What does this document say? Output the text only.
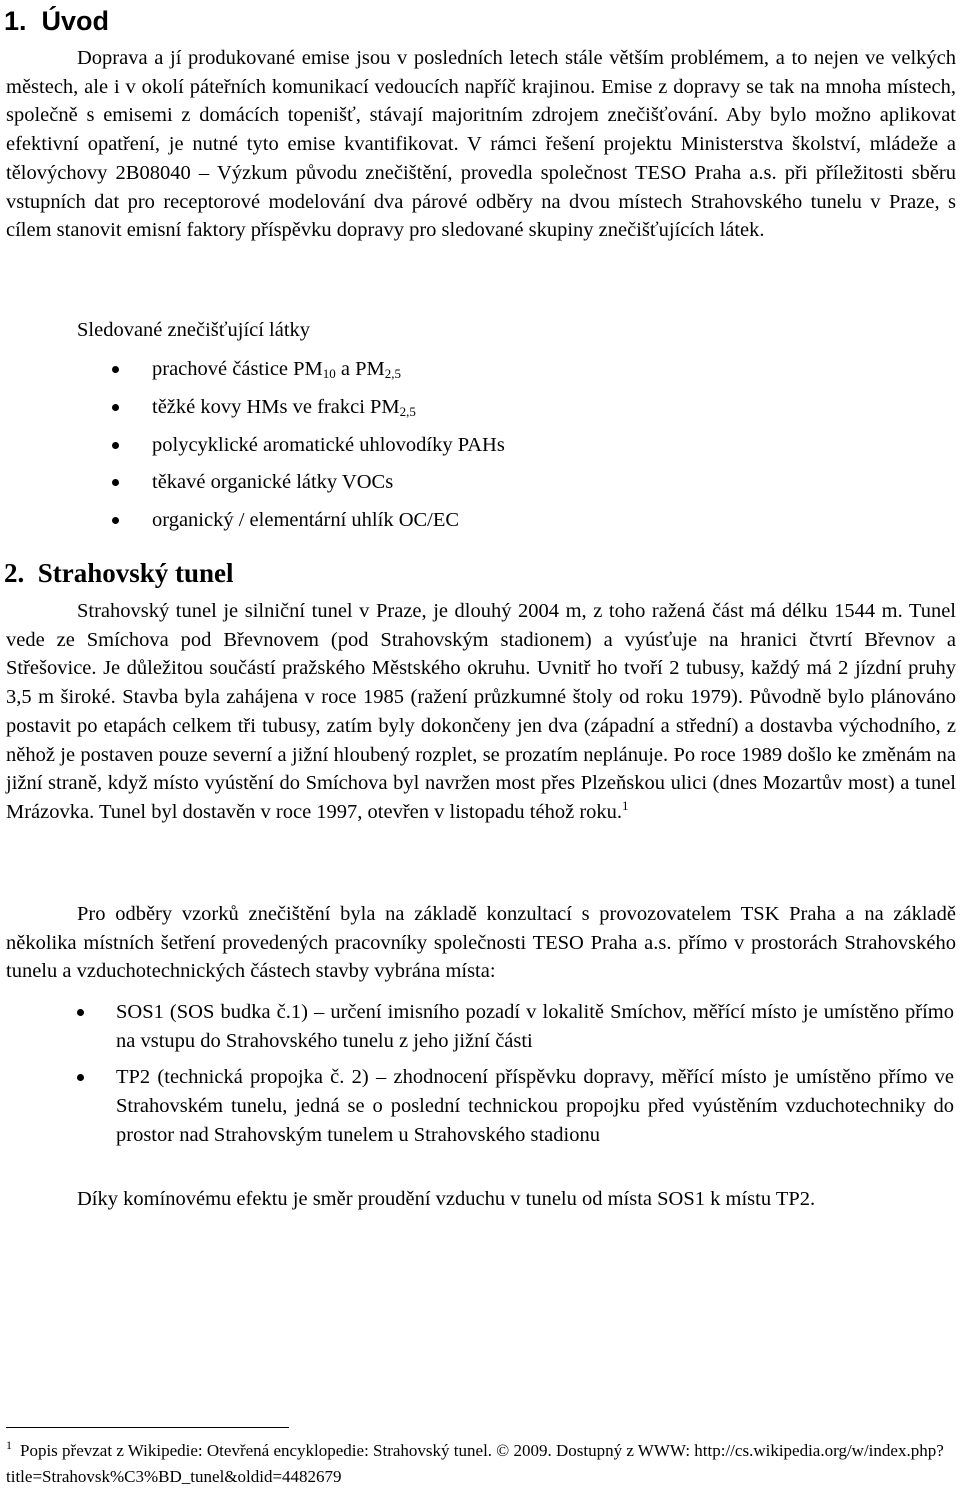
1. Úvod

Doprava a jí produkované emise jsou v posledních letech stále větším problémem, a to nejen ve velkých městech, ale i v okolí páteřních komunikací vedoucích napříč krajinou. Emise z dopravy se tak na mnoha místech, společně s emisemi z domácích topenišť, stávají majoritním zdrojem znečišťování. Aby bylo možno aplikovat efektivní opatření, je nutné tyto emise kvantifikovat. V rámci řešení projektu Ministerstva školství, mládeže a tělovýchovy 2B08040 – Výzkum původu znečištění, provedla společnost TESO Praha a.s. při příležitosti sběru vstupních dat pro receptorové modelování dva párové odběry na dvou místech Strahovského tunelu v Praze, s cílem stanovit emisní faktory příspěvku dopravy pro sledované skupiny znečišťujících látek.

Sledované znečišťující látky

prachové částice $PM_{10}$ a $PM_{2,5}$
těžké kovy HMs ve frakci $PM_{2,5}$
polycyklické aromatické uhlovodíky PAHs
těkavé organické látky VOCs
organický / elementární uhlík OC/EC
2. Strahovský tunel

Strahovský tunel je silniční tunel v Praze, je dlouhý 2004 m, z toho ražená část má délku 1544 m. Tunel vede ze Smíchova pod Břevnovem (pod Strahovským stadionem) a vyúsťuje na hranici čtvrtí Břevnov a Střešovice. Je důležitou součástí pražského Městského okruhu. Uvnitř ho tvoří 2 tubusy, každý má 2 jízdní pruhy 3,5 m široké. Stavba byla zahájena v roce 1985 (ražení průzkumné štoly od roku 1979). Původně bylo plánováno postavit po etapách celkem tři tubusy, zatím byly dokončeny jen dva (západní a střední) a dostavba východního, z něhož je postaven pouze severní a jižní hloubený rozplet, se prozatím neplánuje. Po roce 1989 došlo ke změnám na jižní straně, když místo vyústění do Smíchova byl navržen most přes Plzeňskou ulici (dnes Mozartův most) a tunel Mrázovka. Tunel byl dostavěn v roce 1997, otevřen v listopadu téhož roku.$^1$

Pro odběry vzorků znečištění byla na základě konzultací s provozovatelem TSK Praha a na základě několika místních šetření provedených pracovníky společnosti TESO Praha a.s. přímo v prostorách Strahovského tunelu a vzduchotechnických částech stavby vybrána místa:

SOS1 (SOS budka č.1) – určení imisního pozadí v lokalitě Smíchov, měřící místo je umístěno přímo na vstupu do Strahovského tunelu z jeho jižní části
TP2 (technická propojka č. 2) – zhodnocení příspěvku dopravy, měřící místo je umístěno přímo ve Strahovském tunelu, jedná se o poslední technickou propojku před vyústěním vzduchotechniky do prostor nad Strahovským tunelem u Strahovského stadionu

Díky komínovému efektu je směr proudění vzduchu v tunelu od místa SOS1 k místu TP2.

$^1$ Popis převzat z Wikipedie: Otevřená encyklopedie: Strahovský tunel. © 2009. Dostupný z WWW: http://cs.wikipedia.org/w/index.php?title=Strahovsk%C3%BD_tunel&oldid=4482679
